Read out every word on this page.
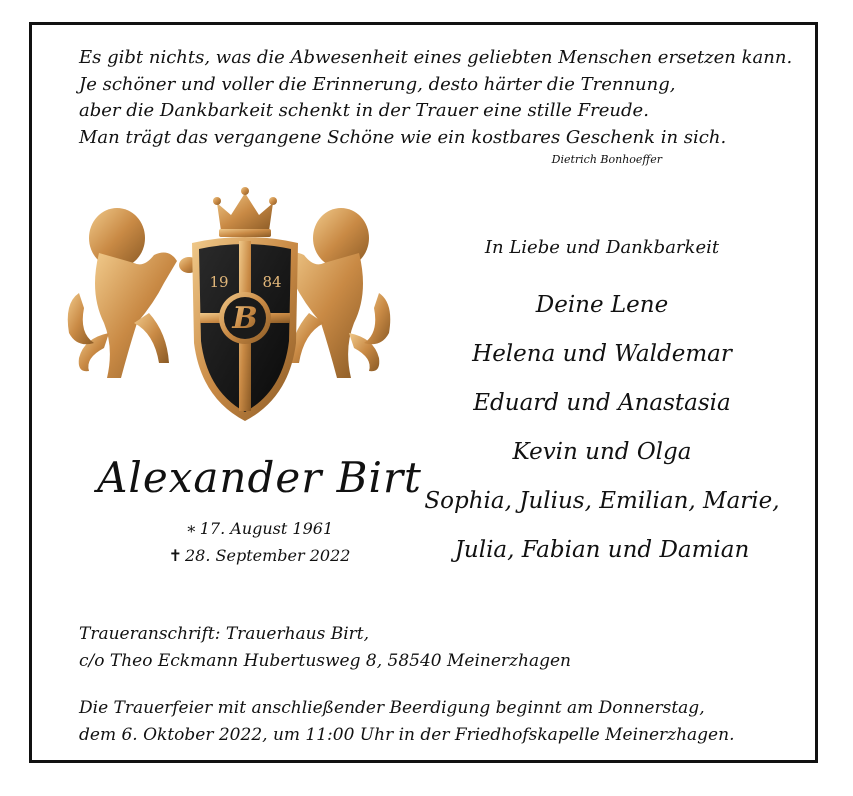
Es gibt nichts, was die Abwesenheit eines geliebten Menschen ersetzen kann.
Je schöner und voller die Erinnerung, desto härter die Trennung,
aber die Dankbarkeit schenkt in der Trauer eine stille Freude.
Man trägt das vergangene Schöne wie ein kostbares Geschenk in sich.
Dietrich Bonhoeffer
B
19 84
Alexander Birt
∗ 17. August 1961
✝ 28. September 2022
In Liebe und Dankbarkeit
Deine Lene
Helena und Waldemar
Eduard und Anastasia
Kevin und Olga
Sophia, Julius, Emilian, Marie,
Julia, Fabian und Damian
Traueranschrift: Trauerhaus Birt,
c/o Theo Eckmann Hubertusweg 8, 58540 Meinerzhagen
Die Trauerfeier mit anschließender Beerdigung beginnt am Donnerstag,
dem 6. Oktober 2022, um 11:00 Uhr in der Friedhofskapelle Meinerzhagen.
